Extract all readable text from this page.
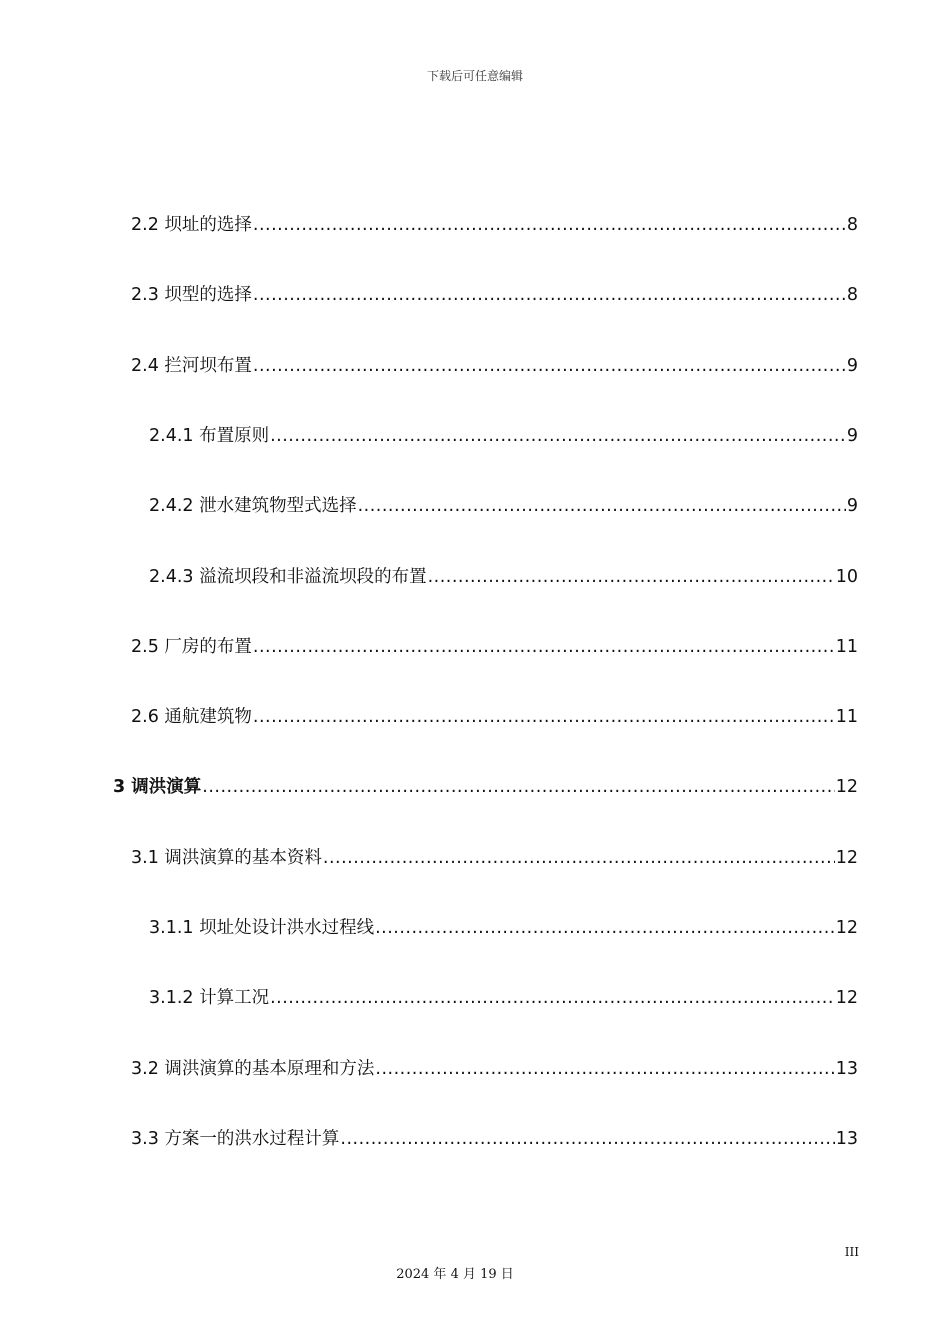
下载后可任意编辑
2.2 坝址的选择 .....	8
2.3 坝型的选择 .....	8
2.4 拦河坝布置 .....	9
2.4.1 布置原则 .....	9
2.4.2 泄水建筑物型式选择 .....	9
2.4.3 溢流坝段和非溢流坝段的布置 .....	10
2.5 厂房的布置 .....	11
2.6 通航建筑物 .....	11
3 调洪演算 .....	12
3.1 调洪演算的基本资料 .....	12
3.1.1 坝址处设计洪水过程线 .....	12
3.1.2 计算工况 .....	12
3.2 调洪演算的基本原理和方法 .....	13
3.3 方案一的洪水过程计算 .....	13
III
2024 年 4 月 19 日
